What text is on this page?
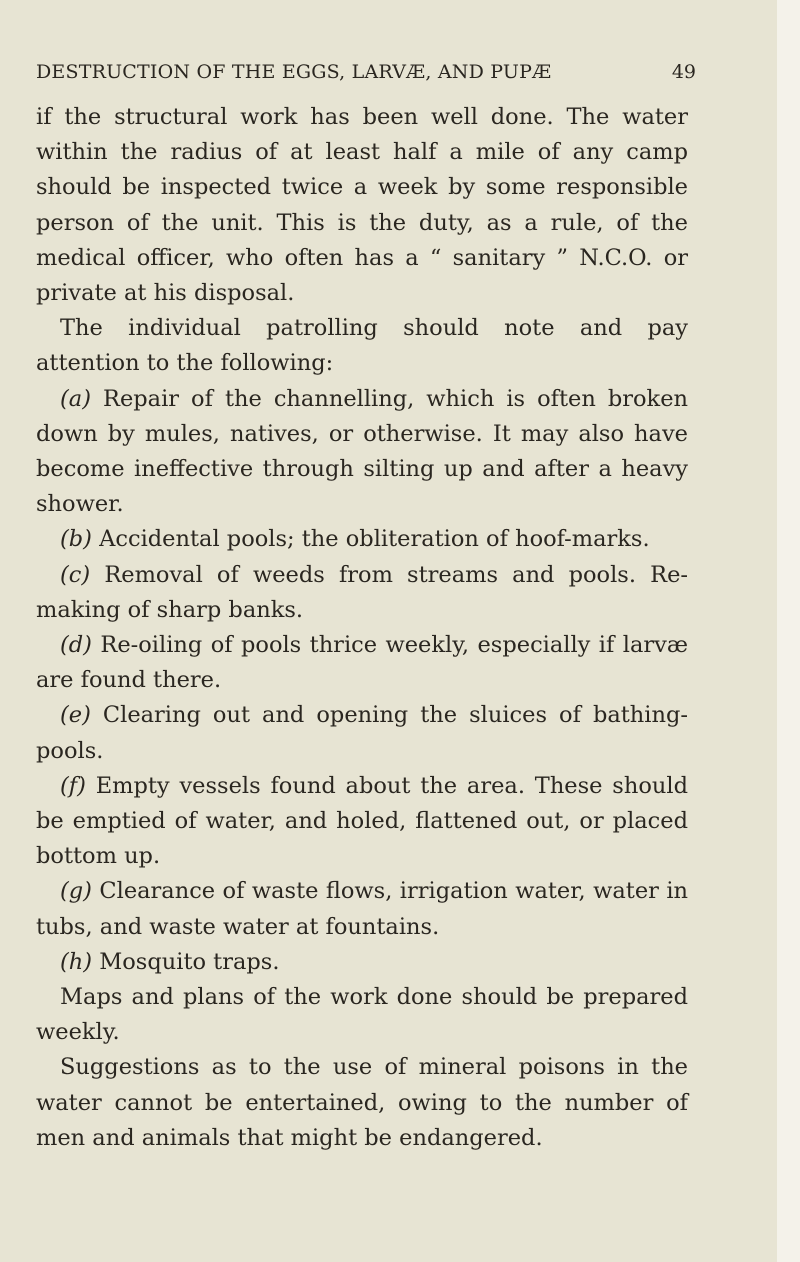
DESTRUCTION OF THE EGGS, LARVÆ, AND PUPÆ	49

if the structural work has been well done. The water within the radius of at least half a mile of any camp should be inspected twice a week by some responsible person of the unit. This is the duty, as a rule, of the medical officer, who often has a “ sanitary ” N.C.O. or private at his disposal.

The individual patrolling should note and pay attention to the following:

(a) Repair of the channelling, which is often broken down by mules, natives, or otherwise. It may also have become ineffective through silting up and after a heavy shower.

(b) Accidental pools; the obliteration of hoof-marks.

(c) Removal of weeds from streams and pools. Re-making of sharp banks.

(d) Re-oiling of pools thrice weekly, especially if larvæ are found there.

(e) Clearing out and opening the sluices of bathing-pools.

(f) Empty vessels found about the area. These should be emptied of water, and holed, flattened out, or placed bottom up.

(g) Clearance of waste flows, irrigation water, water in tubs, and waste water at fountains.

(h) Mosquito traps.

Maps and plans of the work done should be prepared weekly.

Suggestions as to the use of mineral poisons in the water cannot be entertained, owing to the number of men and animals that might be endangered.
